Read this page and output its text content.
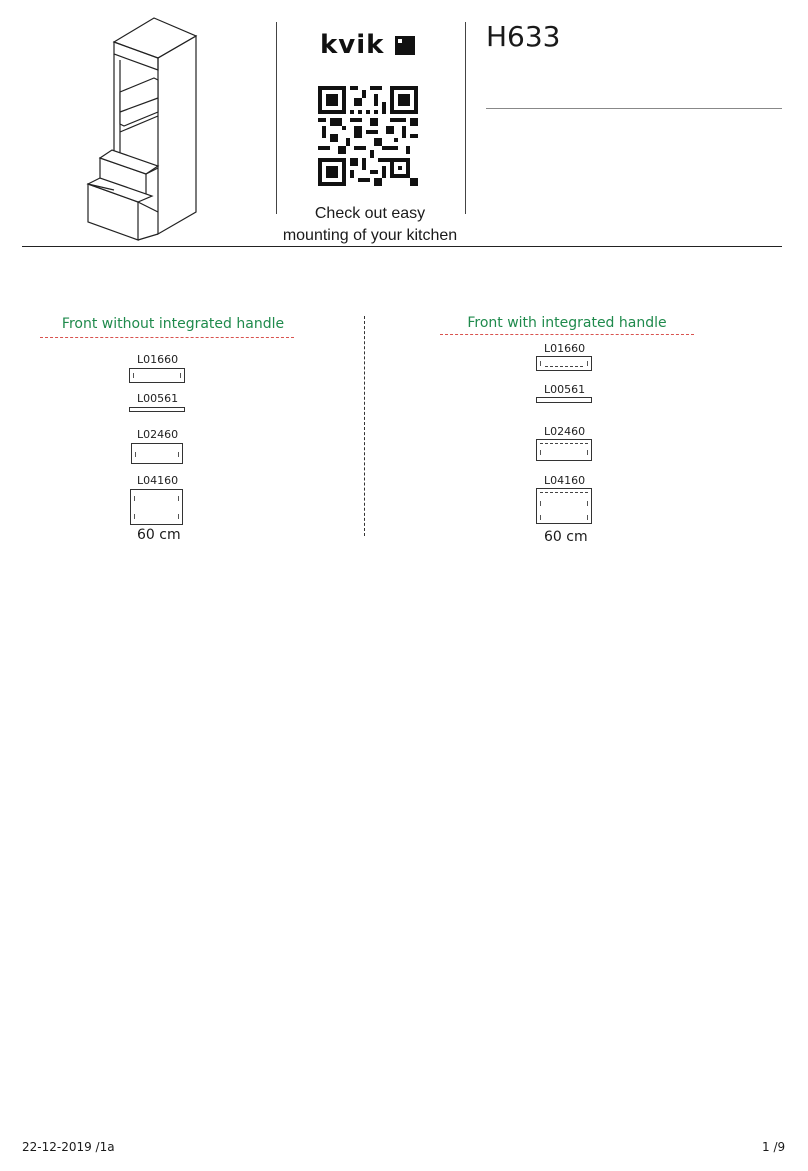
kvik
Check out easy
mounting of your kitchen
H633
Front without integrated handle
L01660
L00561
L02460
L04160
60 cm
Front with integrated handle
L01660
L00561
L02460
L04160
60 cm
22-12-2019 /1a	1 /9
